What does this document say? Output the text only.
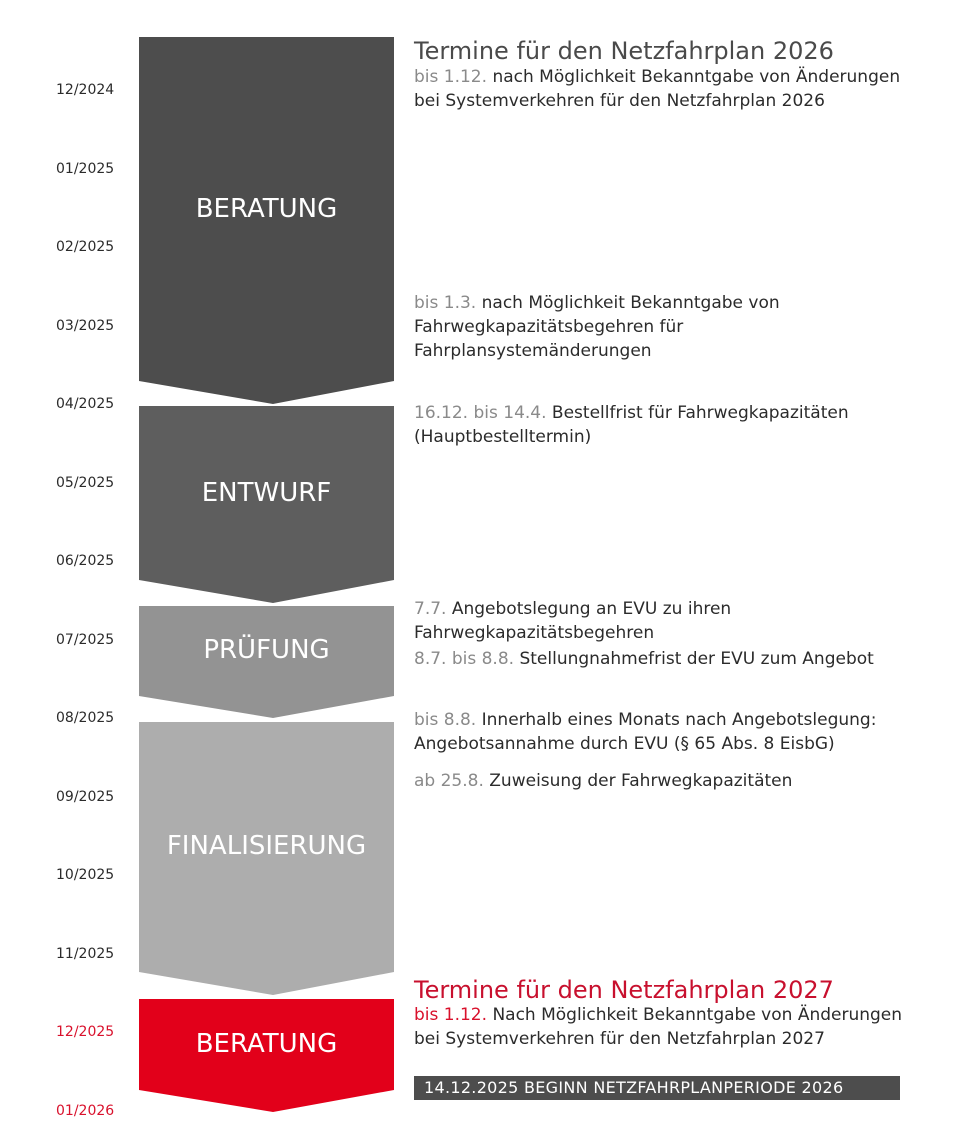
12/2024
01/2025
02/2025
03/2025
04/2025
05/2025
06/2025
07/2025
08/2025
09/2025
10/2025
11/2025
12/2025
01/2026
BERATUNG
ENTWURF
PRÜFUNG
FINALISIERUNG
BERATUNG
Termine für den Netzfahrplan 2026
Termine für den Netzfahrplan 2027
bis 1.12. nach Möglichkeit Bekanntgabe von Änderungen bei Systemverkehren für den Netzfahrplan 2026
bis 1.3. nach Möglichkeit Bekanntgabe von Fahrwegkapazitätsbegehren für Fahrplansystemänderungen
16.12. bis 14.4. Bestellfrist für Fahrwegkapazitäten (Hauptbestelltermin)
7.7. Angebotslegung an EVU zu ihren Fahrwegkapazitätsbegehren
8.7. bis 8.8. Stellungnahmefrist der EVU zum Angebot
bis 8.8. Innerhalb eines Monats nach Angebotslegung: Angebotsannahme durch EVU (§ 65 Abs. 8 EisbG)
ab 25.8. Zuweisung der Fahrwegkapazitäten
bis 1.12. Nach Möglichkeit Bekanntgabe von Änderungen bei Systemverkehren für den Netzfahrplan 2027
14.12.2025 BEGINN NETZFAHRPLANPERIODE 2026
